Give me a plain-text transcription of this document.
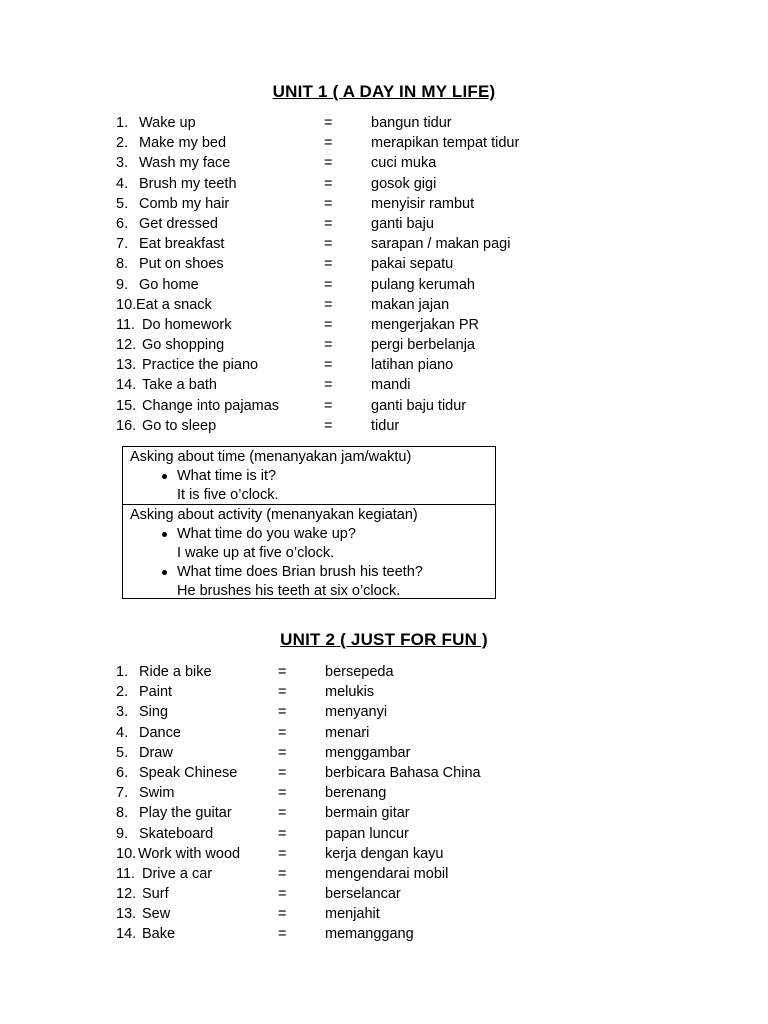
UNIT 1 ( A DAY IN MY LIFE)
1. Wake up	=	bangun tidur
2. Make my bed	=	merapikan tempat tidur
3. Wash my face	=	cuci muka
4. Brush my teeth	=	gosok gigi
5. Comb my hair	=	menyisir rambut
6. Get dressed	=	ganti baju
7. Eat breakfast	=	sarapan / makan pagi
8. Put on shoes	=	pakai sepatu
9. Go home	=	pulang kerumah
10. Eat a snack	=	makan jajan
11. Do homework	=	mengerjakan PR
12. Go shopping	=	pergi berbelanja
13. Practice the piano	=	latihan piano
14. Take a bath	=	mandi
15. Change into pajamas	=	ganti baju tidur
16. Go to sleep	=	tidur
Asking about time (menanyakan jam/waktu)
What time is it?
It is five o’clock.
Asking about activity (menanyakan kegiatan)
What time do you wake up?
I wake up at five o’clock.
What time does Brian brush his teeth?
He brushes his teeth at six o’clock.
UNIT 2 ( JUST FOR FUN )
1. Ride a bike	=	bersepeda
2. Paint	=	melukis
3. Sing	=	menyanyi
4. Dance	=	menari
5. Draw	=	menggambar
6. Speak Chinese	=	berbicara Bahasa China
7. Swim	=	berenang
8. Play the guitar	=	bermain gitar
9. Skateboard	=	papan luncur
10. Work with wood	=	kerja dengan kayu
11. Drive a car	=	mengendarai mobil
12. Surf	=	berselancar
13. Sew	=	menjahit
14. Bake	=	memanggang
